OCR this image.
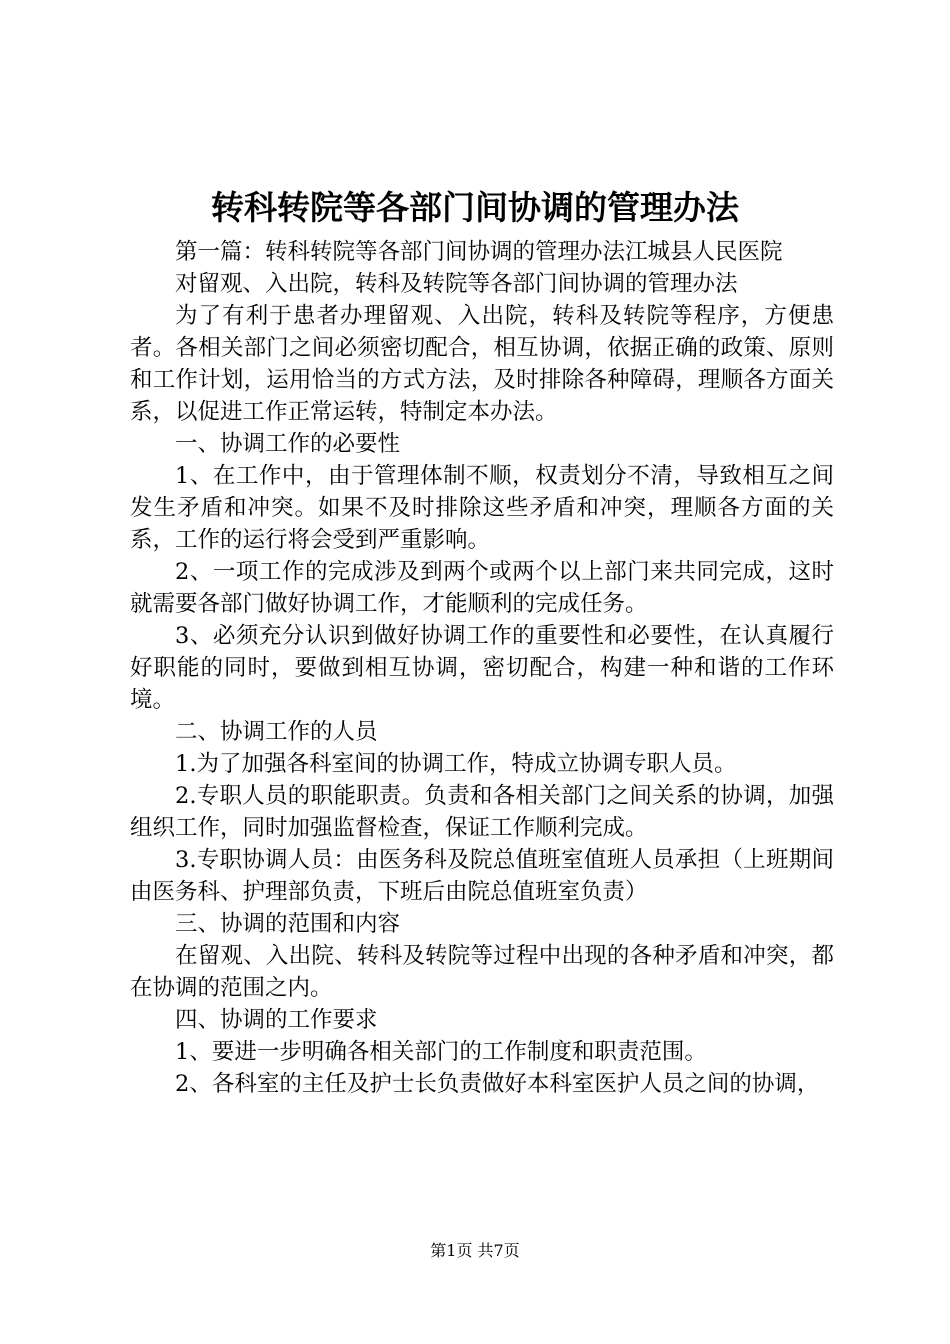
转科转院等各部门间协调的管理办法

第一篇：转科转院等各部门间协调的管理办法江城县人民医院

对留观、入出院，转科及转院等各部门间协调的管理办法

为了有利于患者办理留观、入出院，转科及转院等程序，方便患者。各相关部门之间必须密切配合，相互协调，依据正确的政策、原则和工作计划，运用恰当的方式方法，及时排除各种障碍，理顺各方面关系，以促进工作正常运转，特制定本办法。

一、协调工作的必要性

1、在工作中，由于管理体制不顺，权责划分不清，导致相互之间发生矛盾和冲突。如果不及时排除这些矛盾和冲突，理顺各方面的关系，工作的运行将会受到严重影响。

2、一项工作的完成涉及到两个或两个以上部门来共同完成，这时就需要各部门做好协调工作，才能顺利的完成任务。

3、必须充分认识到做好协调工作的重要性和必要性，在认真履行好职能的同时，要做到相互协调，密切配合，构建一种和谐的工作环境。

二、协调工作的人员

1.为了加强各科室间的协调工作，特成立协调专职人员。

2.专职人员的职能职责。负责和各相关部门之间关系的协调，加强组织工作，同时加强监督检查，保证工作顺利完成。

3.专职协调人员：由医务科及院总值班室值班人员承担（上班期间由医务科、护理部负责，下班后由院总值班室负责）

三、协调的范围和内容

在留观、入出院、转科及转院等过程中出现的各种矛盾和冲突，都在协调的范围之内。

四、协调的工作要求

1、要进一步明确各相关部门的工作制度和职责范围。

2、各科室的主任及护士长负责做好本科室医护人员之间的协调，

第1页 共7页
